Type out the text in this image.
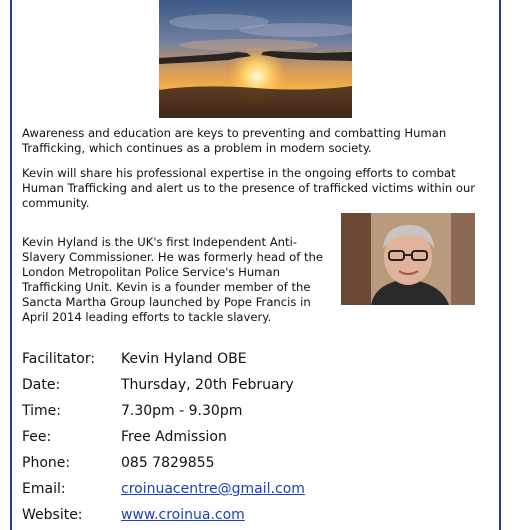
Awareness and education are keys to preventing and combatting Human Trafficking, which continues as a problem in modern society.

Kevin will share his professional expertise in the ongoing efforts to combat Human Trafficking and alert us to the presence of trafficked victims within our community.

Kevin Hyland is the UK's first Independent Anti-Slavery Commissioner. He was formerly head of the London Metropolitan Police Service's Human Trafficking Unit. Kevin is a founder member of the Sancta Martha Group launched by Pope Francis in April 2014 leading efforts to tackle slavery.

Facilitator: Kevin Hyland OBE
Date:	Thursday, 20th February
Time:	7.30pm - 9.30pm
Fee:	Free Admission
Phone:	085 7829855
Email:	croinuacentre@gmail.com
Website:	www.croinua.com
